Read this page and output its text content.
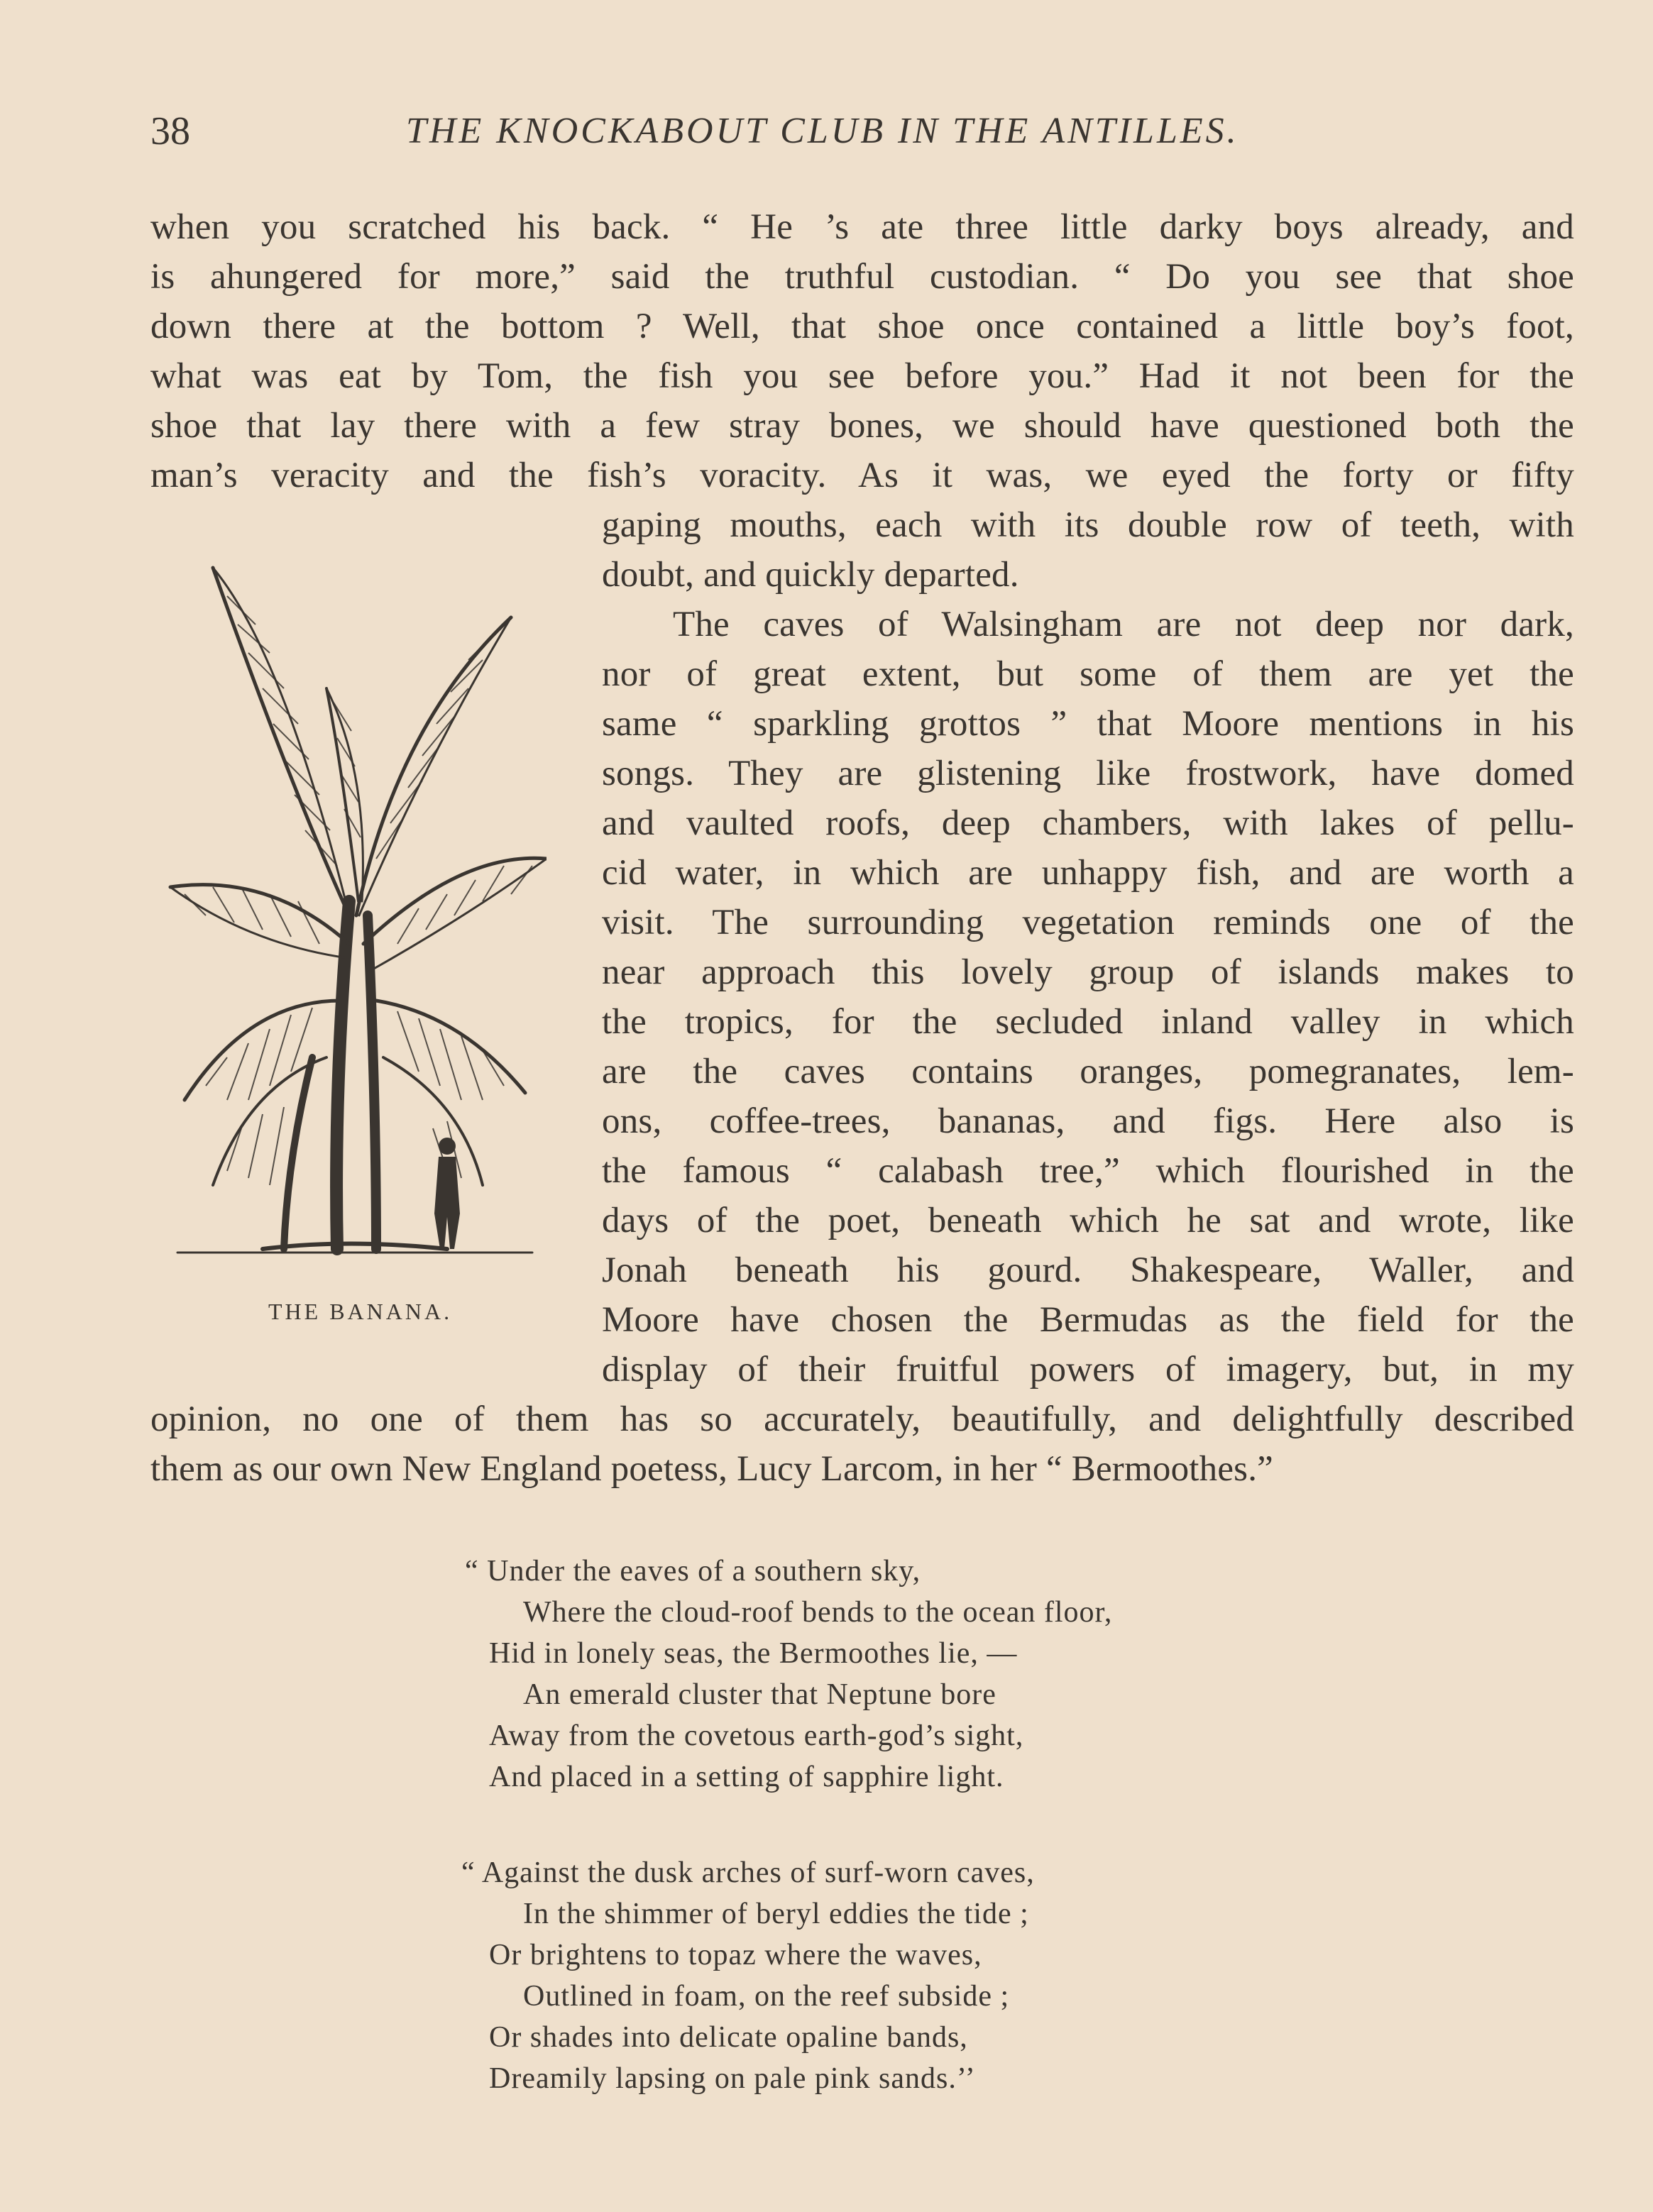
38	THE KNOCKABOUT CLUB IN THE ANTILLES.
when you scratched his back. “ He ’s ate three little darky boys already, and
is ahungered for more,” said the truthful custodian. “ Do you see that shoe
down there at the bottom ? Well, that shoe once contained a little boy’s foot,
what was eat by Tom, the fish you see before you.” Had it not been for the
shoe that lay there with a few stray bones, we should have questioned both the
man’s veracity and the fish’s voracity. As it was, we eyed the forty or fifty
gaping mouths, each with its double row of teeth, with
doubt, and quickly departed.
The caves of Walsingham are not deep nor dark,
nor of great extent, but some of them are yet the
same “ sparkling grottos ” that Moore mentions in his
songs. They are glistening like frostwork, have domed
and vaulted roofs, deep chambers, with lakes of pellu-
cid water, in which are unhappy fish, and are worth a
visit. The surrounding vegetation reminds one of the
near approach this lovely group of islands makes to
the tropics, for the secluded inland valley in which
are the caves contains oranges, pomegranates, lem-
ons, coffee-trees, bananas, and figs. Here also is
the famous “ calabash tree,” which flourished in the
days of the poet, beneath which he sat and wrote, like
Jonah beneath his gourd. Shakespeare, Waller, and
Moore have chosen the Bermudas as the field for the
display of their fruitful powers of imagery, but, in my
opinion, no one of them has so accurately, beautifully, and delightfully described
them as our own New England poetess, Lucy Larcom, in her “ Bermoothes.”
THE BANANA.
“ Under the eaves of a southern sky,
Where the cloud-roof bends to the ocean floor,
Hid in lonely seas, the Bermoothes lie, —
An emerald cluster that Neptune bore
Away from the covetous earth-god’s sight,
And placed in a setting of sapphire light.
“ Against the dusk arches of surf-worn caves,
In the shimmer of beryl eddies the tide ;
Or brightens to topaz where the waves,
Outlined in foam, on the reef subside ;
Or shades into delicate opaline bands,
Dreamily lapsing on pale pink sands.’’
